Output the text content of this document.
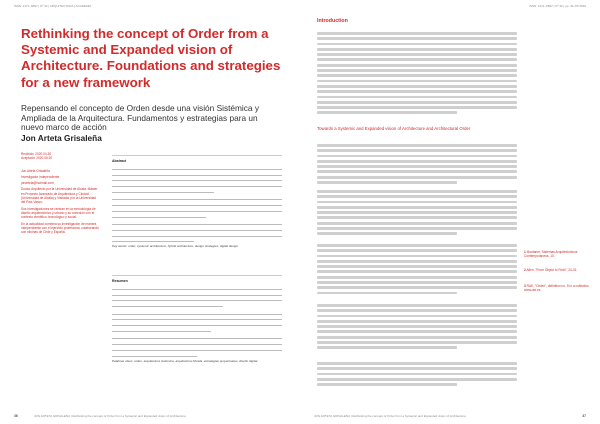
ISSN: 2171–6897 | Nº 42 | ARQUITECTURA | ACADEMIA
Rethinking the concept of Order from a Systemic and Expanded vision of Architecture. Foundations and strategies for a new framework
Repensando el concepto de Orden desde una visión Sistémica y Ampliada de la Arquitectura. Fundamentos y estrategias para un nuevo marco de acción
Jon Arteta Grisaleña
Recibido: 2020.04.30
Aceptado: 2020.06.20
Jon Arteta Grisaleña

Investigador independiente

jonarteta@hotmail.com

Doctor Arquitecto por la Universidad de Alcalá. Máster en Proyecto Avanzado de Arquitectura y Ciudad (Universidad de Alcalá) y Visitador por la Universidad del País Vasco.

Sus investigaciones se centran en la metodología de diseño arquitectónico y urbano y su conexión con el contexto científico, tecnológico y social.

En la actualidad combina su investigación de manera independiente con el ejercicio profesional, colaborando con oficinas de Chile y España.

Abstract
Key words: order, systemic architecture, hybrid architecture, design strategies, digital design.
Resumen
Palabras clave: orden, arquitectura sistémica, arquitectura híbrida, estrategias proyectuales, diseño digital.
JON ARTETA GRISALEÑA | Rethinking the concept of Order from a Systemic and Expanded vision of Architecture
36
ISSN: 2171–6897 | Nº 42 | pp. 34–55 2020
Introduction
Towards a Systemic and Expanded vision of Architecture and Architectural Order
1 Montaner, Sistemas Arquitectónicos Contemporáneos, 10.
2 Allen, "From Object to Field", 24-31.
3 RAE, "Orden", definition no. 5 in a collection www.rae.es
JON ARTETA GRISALEÑA | Rethinking the concept of Order from a Systemic and Expanded vision of Architecture	37
